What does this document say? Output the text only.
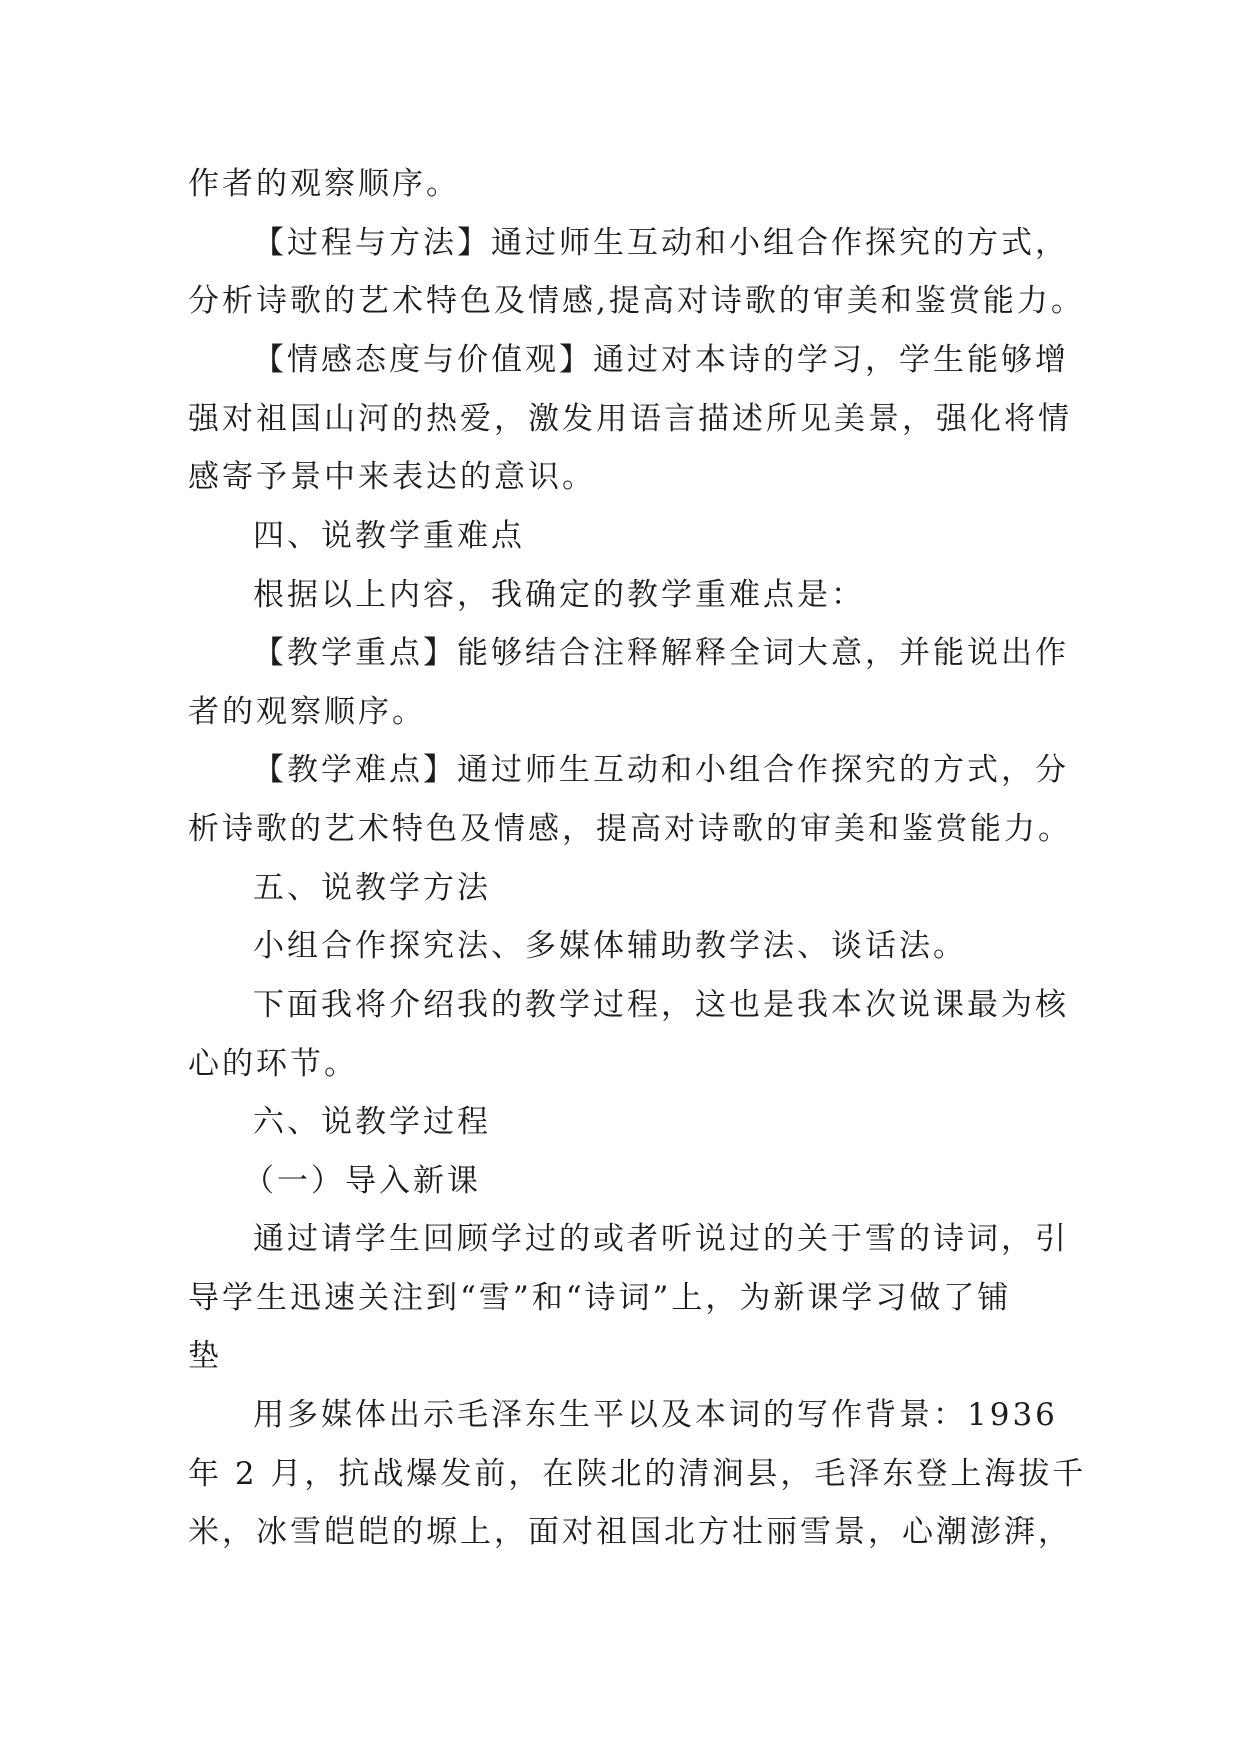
作者的观察顺序。
【过程与方法】通过师生互动和小组合作探究的方式，
分析诗歌的艺术特色及情感,提高对诗歌的审美和鉴赏能力。
【情感态度与价值观】通过对本诗的学习，学生能够增
强对祖国山河的热爱，激发用语言描述所见美景，强化将情
感寄予景中来表达的意识。
四、说教学重难点
根据以上内容，我确定的教学重难点是：
【教学重点】能够结合注释解释全词大意，并能说出作
者的观察顺序。
【教学难点】通过师生互动和小组合作探究的方式，分
析诗歌的艺术特色及情感，提高对诗歌的审美和鉴赏能力。
五、说教学方法
小组合作探究法、多媒体辅助教学法、谈话法。
下面我将介绍我的教学过程，这也是我本次说课最为核
心的环节。
六、说教学过程
（一）导入新课
通过请学生回顾学过的或者听说过的关于雪的诗词，引
导学生迅速关注到“雪”和“诗词”上，为新课学习做了铺
垫
用多媒体出示毛泽东生平以及本词的写作背景：1936
年 2 月，抗战爆发前，在陕北的清涧县，毛泽东登上海拔千
米，冰雪皑皑的塬上，面对祖国北方壮丽雪景，心潮澎湃，
